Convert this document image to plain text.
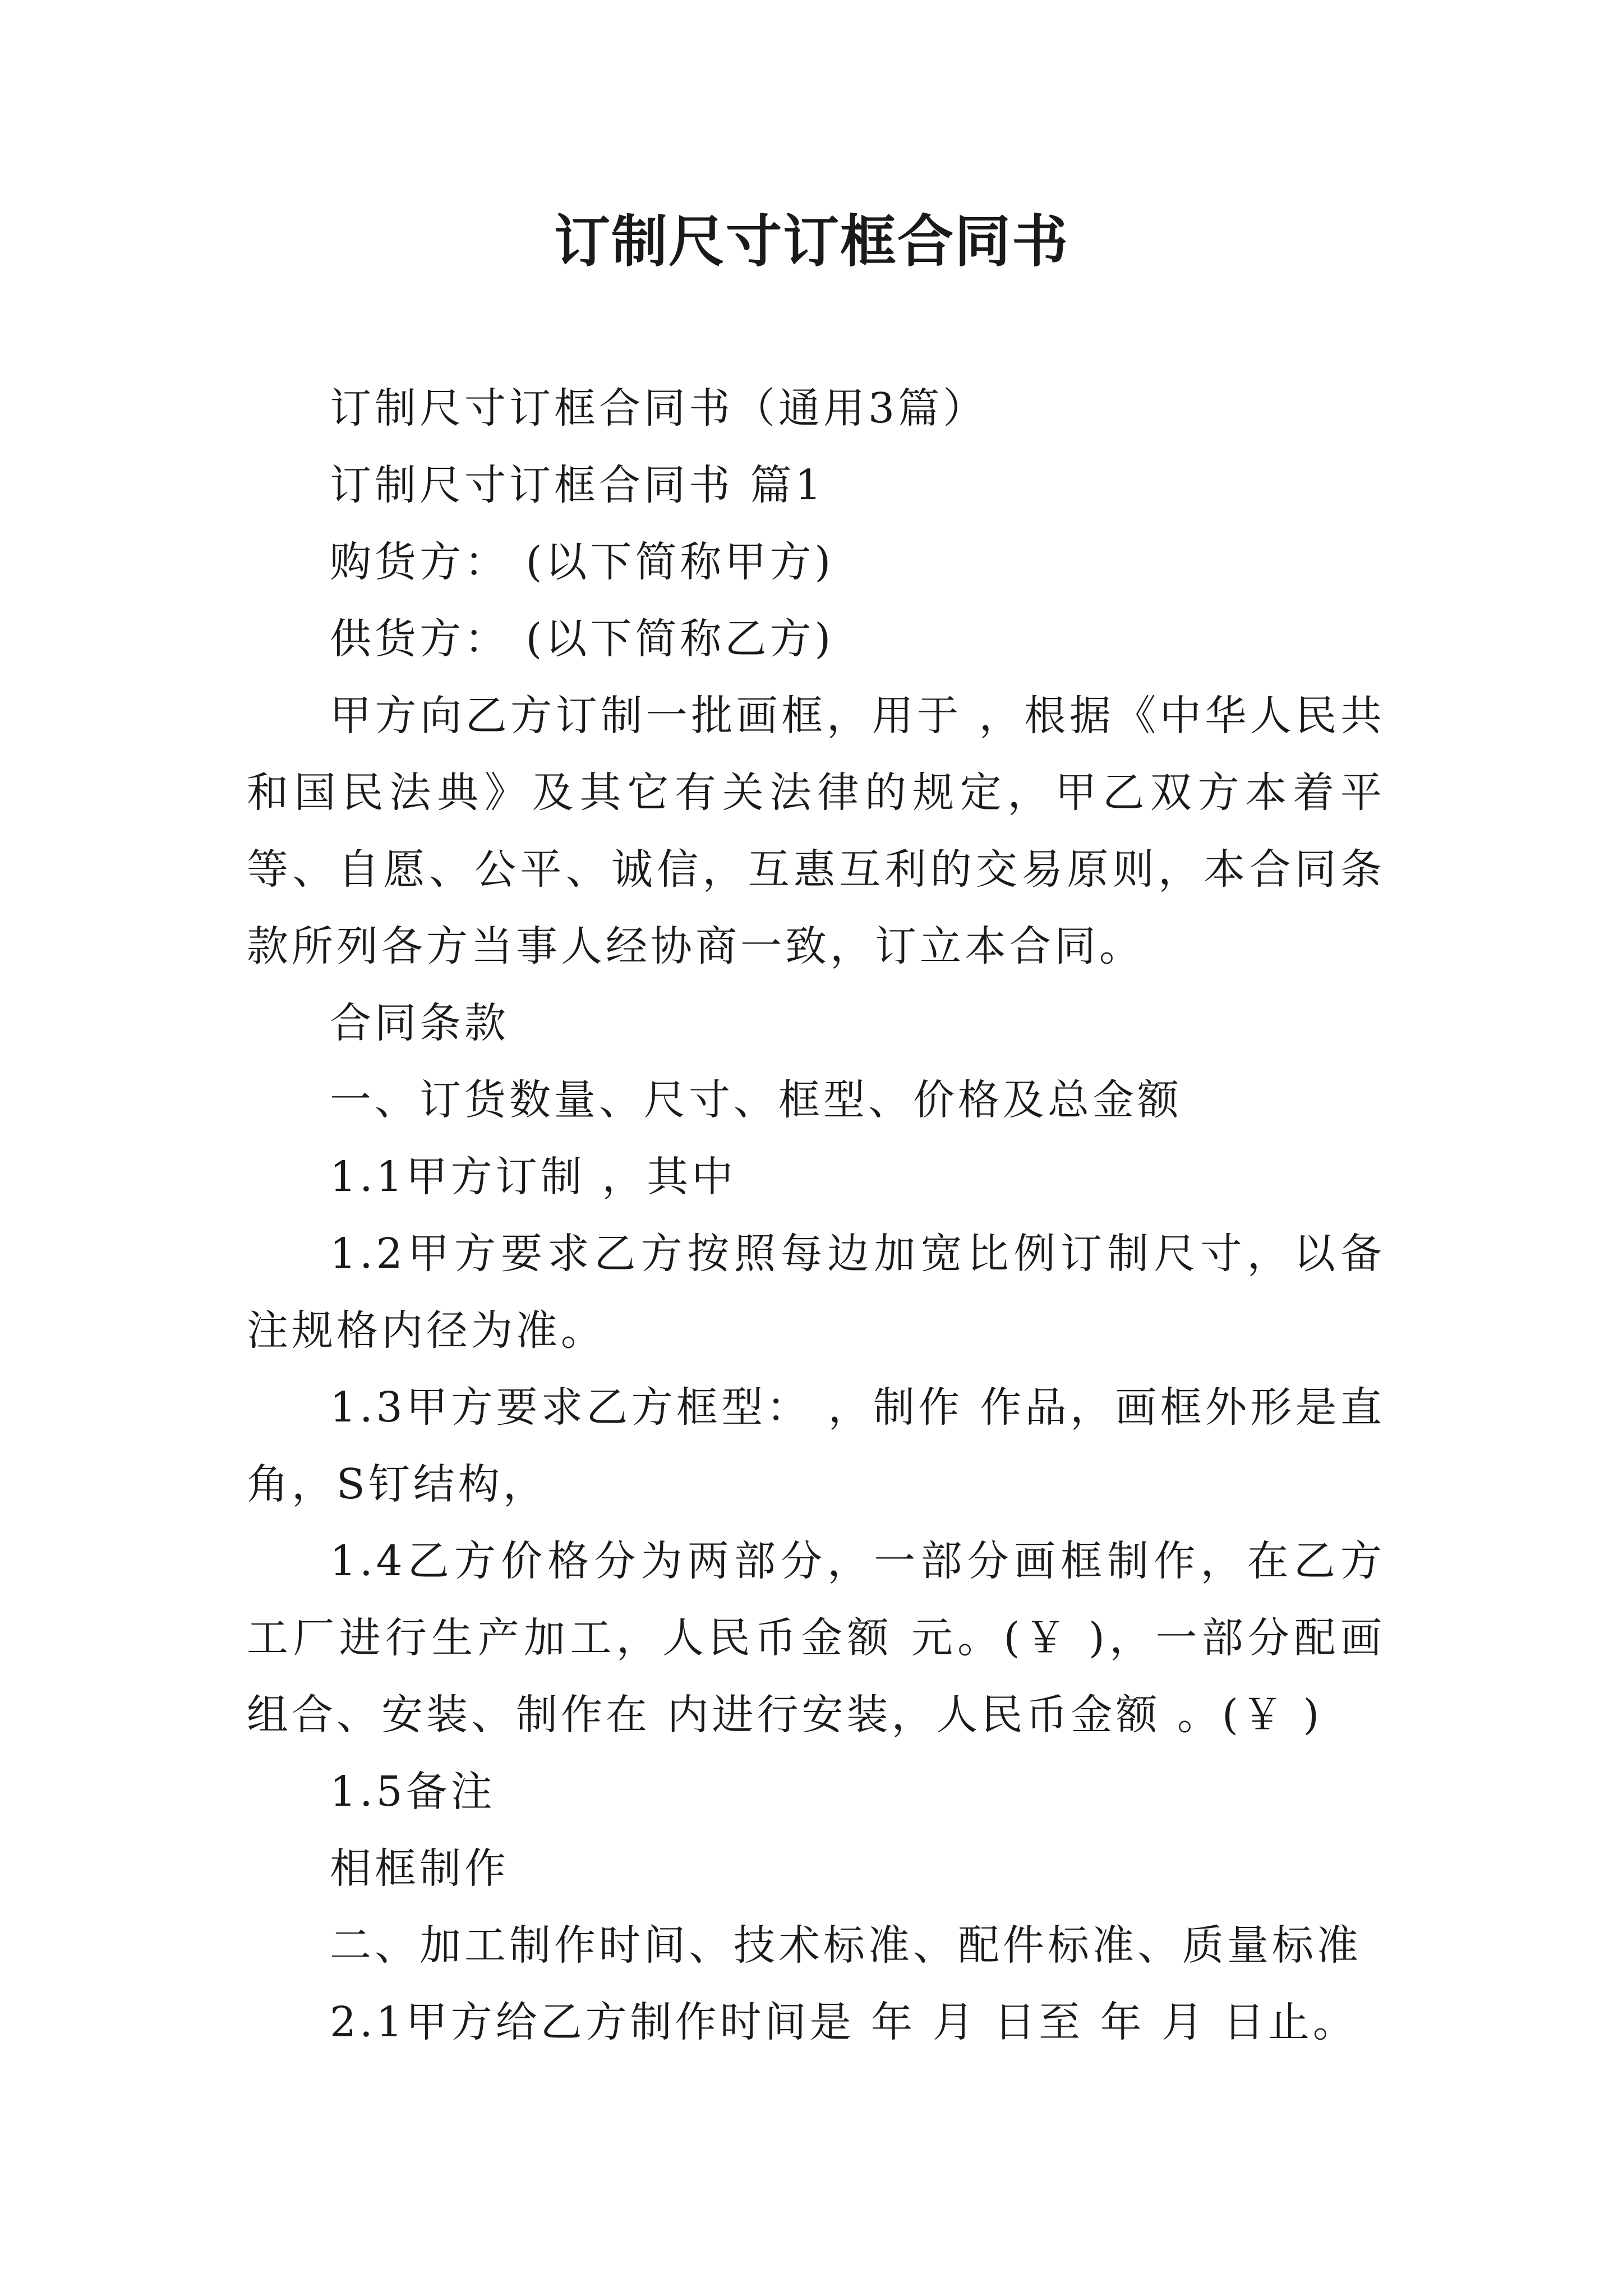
订制尺寸订框合同书

订制尺寸订框合同书（通用3篇）

订制尺寸订框合同书 篇1

购货方： (以下简称甲方)

供货方： (以下简称乙方)

甲方向乙方订制一批画框，用于 ，根据《中华人民共和国民法典》及其它有关法律的规定，甲乙双方本着平等、自愿、公平、诚信，互惠互利的交易原则，本合同条款所列各方当事人经协商一致，订立本合同。

合同条款

一、订货数量、尺寸、框型、价格及总金额

1.1甲方订制 ，其中

1.2甲方要求乙方按照每边加宽比例订制尺寸，以备注规格内径为准。

1.3甲方要求乙方框型： ，制作 作品，画框外形是直角，S钉结构，

1.4乙方价格分为两部分，一部分画框制作，在乙方工厂进行生产加工，人民币金额 元。(￥ )，一部分配画组合、安装、制作在 内进行安装，人民币金额 。(￥ )

1.5备注

相框制作

二、加工制作时间、技术标准、配件标准、质量标准

2.1甲方给乙方制作时间是 年 月 日至 年 月 日止。
